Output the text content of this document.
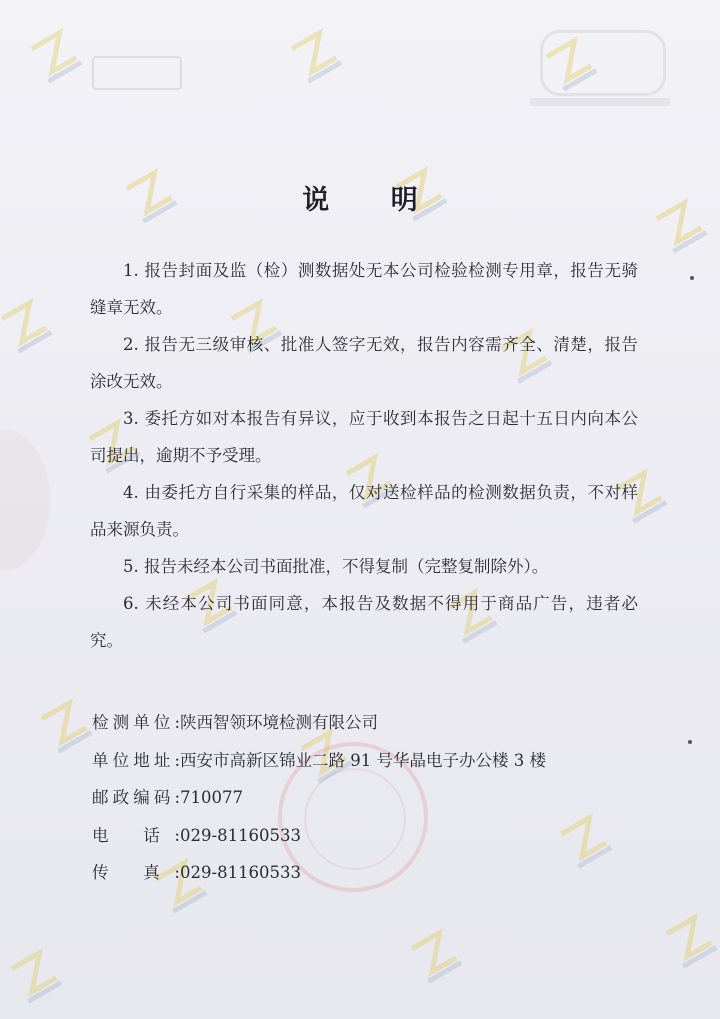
说 明
1. 报告封面及监（检）测数据处无本公司检验检测专用章，报告无骑缝章无效。
2. 报告无三级审核、批准人签字无效，报告内容需齐全、清楚，报告涂改无效。
3. 委托方如对本报告有异议，应于收到本报告之日起十五日内向本公司提出，逾期不予受理。
4. 由委托方自行采集的样品，仅对送检样品的检测数据负责，不对样品来源负责。
5. 报告未经本公司书面批准，不得复制（完整复制除外）。
6. 未经本公司书面同意，本报告及数据不得用于商品广告，违者必究。
检测单位: 陕西智领环境检测有限公司
单位地址: 西安市高新区锦业二路 91 号华晶电子办公楼 3 楼
邮政编码: 710077
电 话: 029-81160533
传 真: 029-81160533
